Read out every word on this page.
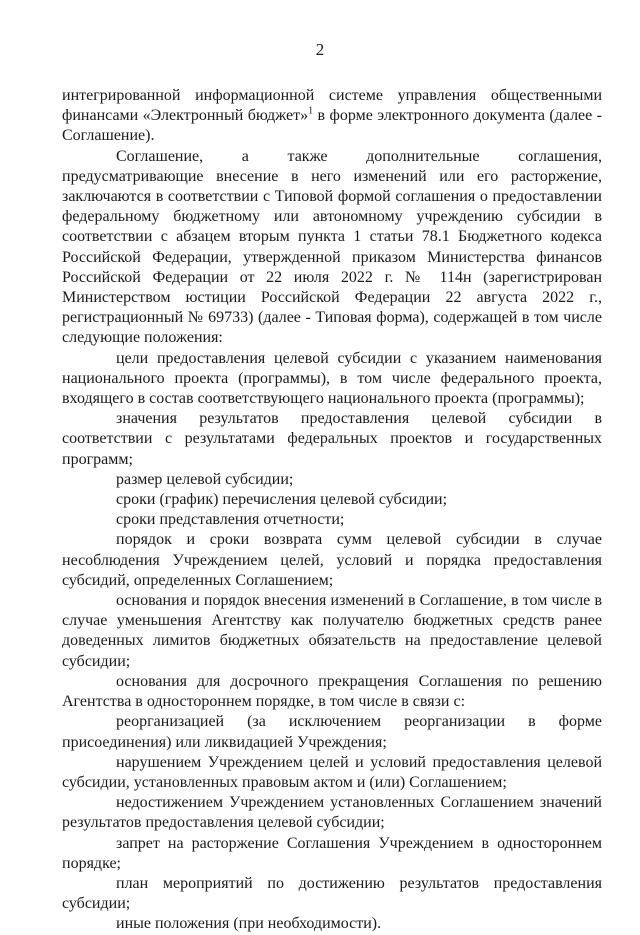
2

интегрированной информационной системе управления общественными финансами «Электронный бюджет»$^1$ в форме электронного документа (далее - Соглашение).

Соглашение, а также дополнительные соглашения, предусматривающие внесение в него изменений или его расторжение, заключаются в соответствии с Типовой формой соглашения о предоставлении федеральному бюджетному или автономному учреждению субсидии в соответствии с абзацем вторым пункта 1 статьи 78.1 Бюджетного кодекса Российской Федерации, утвержденной приказом Министерства финансов Российской Федерации от 22 июля 2022 г. № 114н (зарегистрирован Министерством юстиции Российской Федерации 22 августа 2022 г., регистрационный № 69733) (далее - Типовая форма), содержащей в том числе следующие положения:

цели предоставления целевой субсидии с указанием наименования национального проекта (программы), в том числе федерального проекта, входящего в состав соответствующего национального проекта (программы);

значения результатов предоставления целевой субсидии в соответствии с результатами федеральных проектов и государственных программ;

размер целевой субсидии;

сроки (график) перечисления целевой субсидии;

сроки представления отчетности;

порядок и сроки возврата сумм целевой субсидии в случае несоблюдения Учреждением целей, условий и порядка предоставления субсидий, определенных Соглашением;

основания и порядок внесения изменений в Соглашение, в том числе в случае уменьшения Агентству как получателю бюджетных средств ранее доведенных лимитов бюджетных обязательств на предоставление целевой субсидии;

основания для досрочного прекращения Соглашения по решению Агентства в одностороннем порядке, в том числе в связи с:

реорганизацией (за исключением реорганизации в форме присоединения) или ликвидацией Учреждения;

нарушением Учреждением целей и условий предоставления целевой субсидии, установленных правовым актом и (или) Соглашением;

недостижением Учреждением установленных Соглашением значений результатов предоставления целевой субсидии;

запрет на расторжение Соглашения Учреждением в одностороннем порядке;

план мероприятий по достижению результатов предоставления субсидии;

иные положения (при необходимости).
